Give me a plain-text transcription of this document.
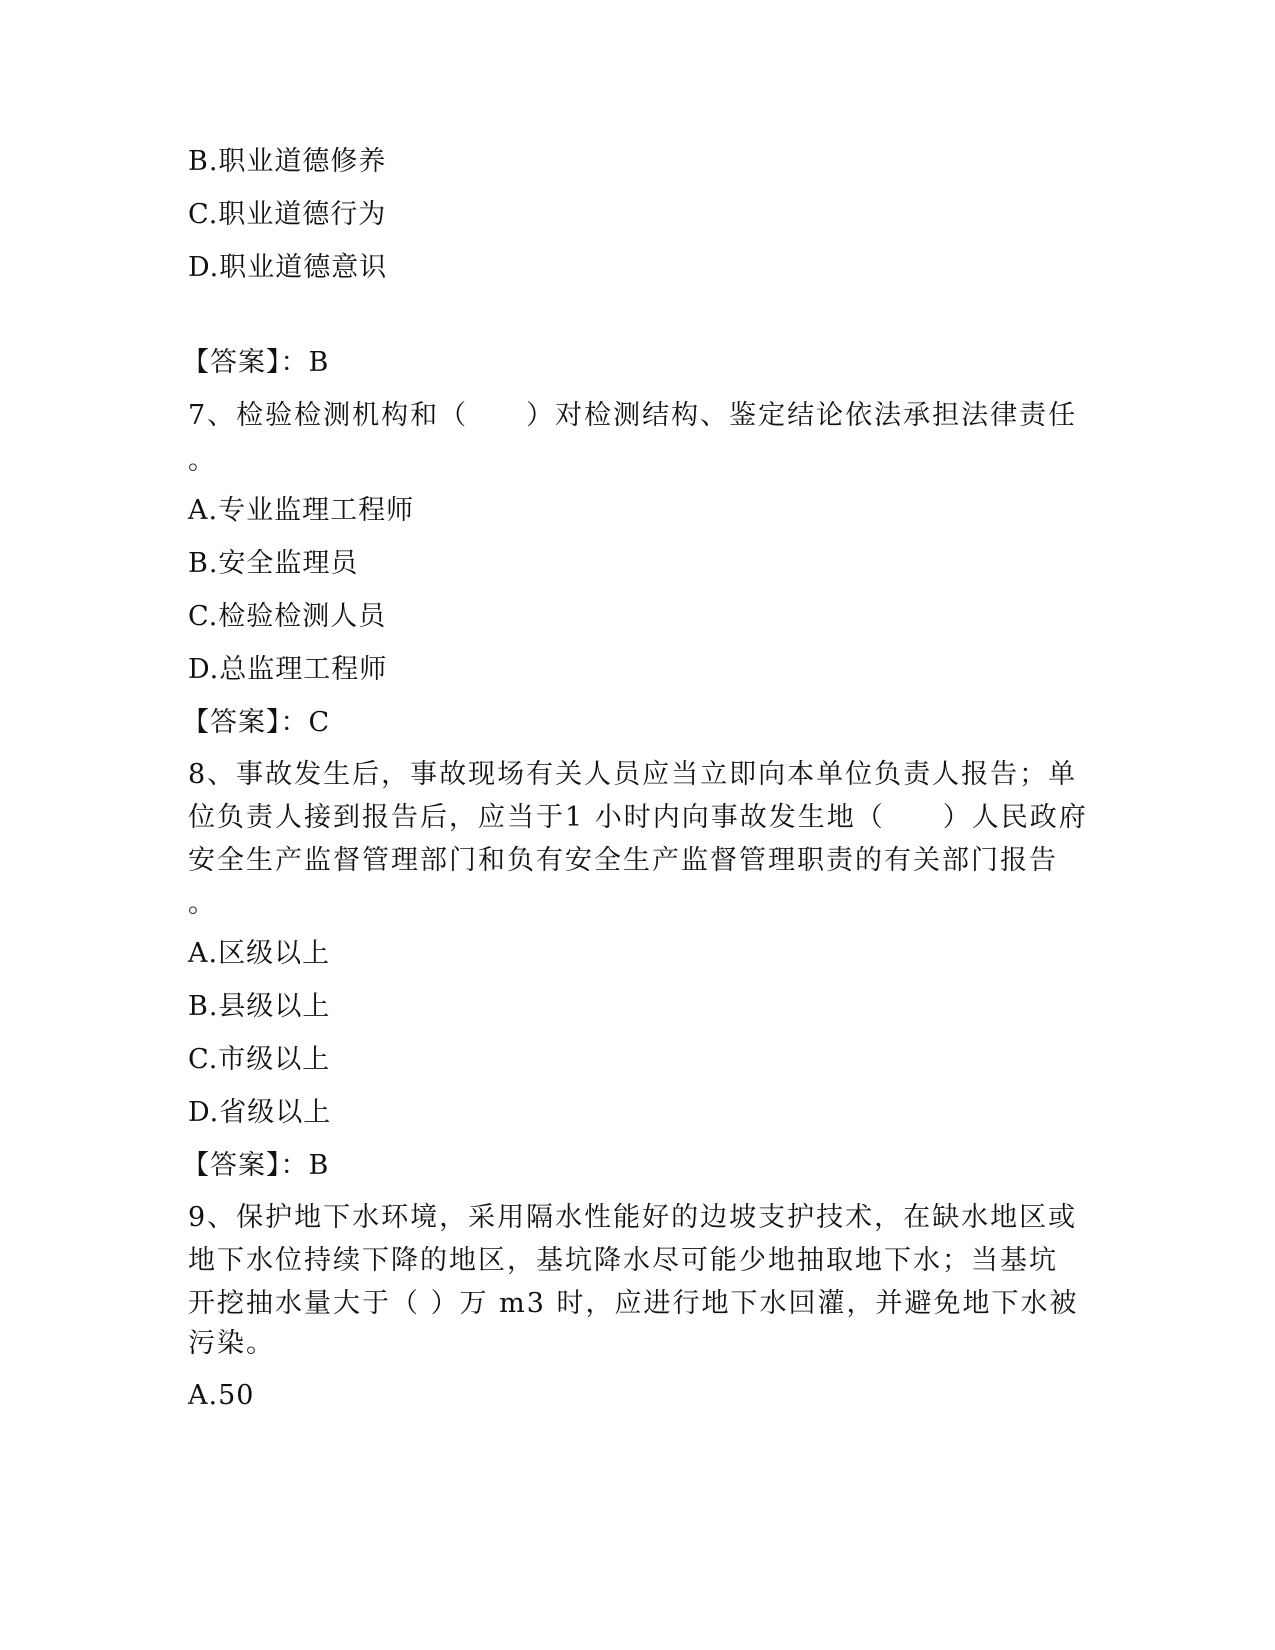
B.职业道德修养
C.职业道德行为
D.职业道德意识
【答案】：B
7、检验检测机构和（　　）对检测结构、鉴定结论依法承担法律责任
。
A.专业监理工程师
B.安全监理员
C.检验检测人员
D.总监理工程师
【答案】：C
8、事故发生后，事故现场有关人员应当立即向本单位负责人报告；单
位负责人接到报告后，应当于1 小时内向事故发生地（　　）人民政府
安全生产监督管理部门和负有安全生产监督管理职责的有关部门报告
。
A.区级以上
B.县级以上
C.市级以上
D.省级以上
【答案】：B
9、保护地下水环境，采用隔水性能好的边坡支护技术，在缺水地区或
地下水位持续下降的地区，基坑降水尽可能少地抽取地下水；当基坑
开挖抽水量大于（ ）万 m3 时，应进行地下水回灌，并避免地下水被
污染。
A.50
